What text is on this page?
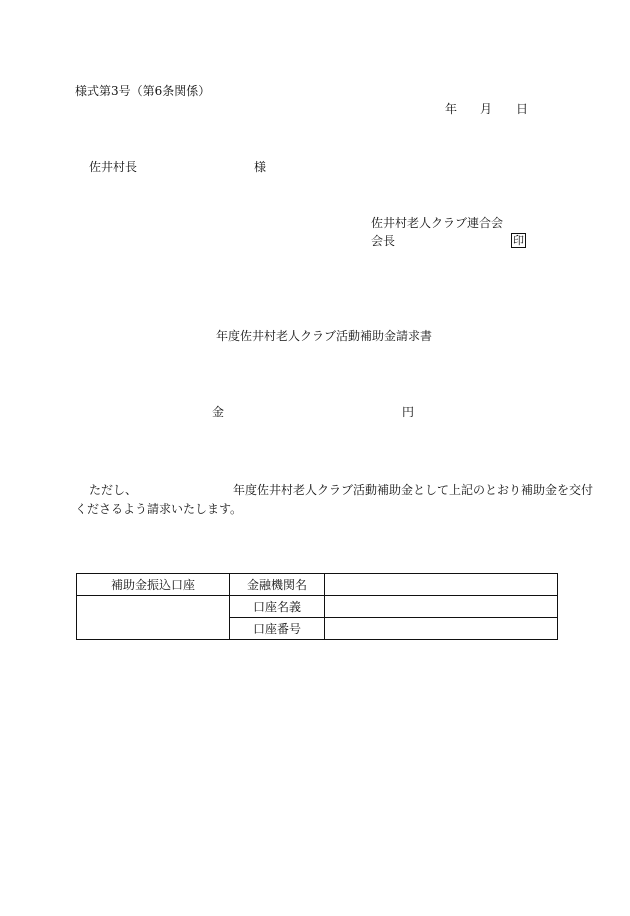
様式第3号（第6条関係）
年 月 日
佐井村長	様
佐井村老人クラブ連合会
会長	印
年度佐井村老人クラブ活動補助金請求書
金	円
ただし、	年度佐井村老人クラブ活動補助金として上記のとおり補助金を交付
くださるよう請求いたします。
補助金振込口座	金融機関名	
	口座名義	
	口座番号	
